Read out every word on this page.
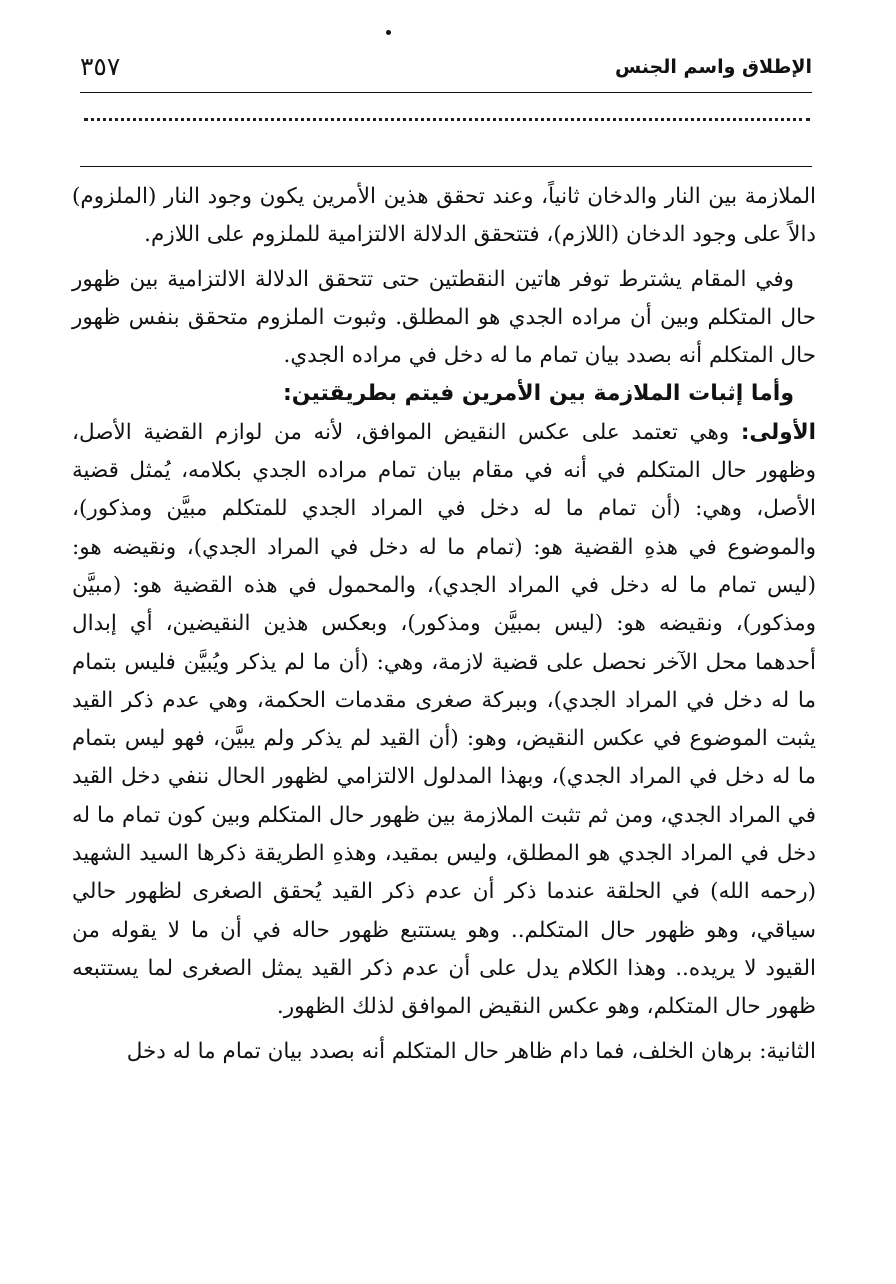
الإطلاق واسم الجنس
٣٥٧

الملازمة بين النار والدخان ثانياً، وعند تحقق هذين الأمرين يكون وجود النار (الملزوم) دالاً على وجود الدخان (اللازم)، فتتحقق الدلالة الالتزامية للملزوم على اللازم.

وفي المقام يشترط توفر هاتين النقطتين حتى تتحقق الدلالة الالتزامية بين ظهور حال المتكلم وبين أن مراده الجدي هو المطلق. وثبوت الملزوم متحقق بنفس ظهور حال المتكلم أنه بصدد بيان تمام ما له دخل في مراده الجدي.

وأما إثبات الملازمة بين الأمرين فيتم بطريقتين:

الأولى: وهي تعتمد على عكس النقيض الموافق، لأنه من لوازم القضية الأصل، وظهور حال المتكلم في أنه في مقام بيان تمام مراده الجدي بكلامه، يُمثل قضية الأصل، وهي: (أن تمام ما له دخل في المراد الجدي للمتكلم مبيَّن ومذكور)، والموضوع في هذهِ القضية هو: (تمام ما له دخل في المراد الجدي)، ونقيضه هو: (ليس تمام ما له دخل في المراد الجدي)، والمحمول في هذه القضية هو: (مبيَّن ومذكور)، ونقيضه هو: (ليس بمبيَّن ومذكور)، وبعكس هذين النقيضين، أي إبدال أحدهما محل الآخر نحصل على قضية لازمة، وهي: (أن ما لم يذكر ويُبيَّن فليس بتمام ما له دخل في المراد الجدي)، وببركة صغرى مقدمات الحكمة، وهي عدم ذكر القيد يثبت الموضوع في عكس النقيض، وهو: (أن القيد لم يذكر ولم يبيَّن، فهو ليس بتمام ما له دخل في المراد الجدي)، وبهذا المدلول الالتزامي لظهور الحال ننفي دخل القيد في المراد الجدي، ومن ثم تثبت الملازمة بين ظهور حال المتكلم وبين كون تمام ما له دخل في المراد الجدي هو المطلق، وليس بمقيد، وهذهِ الطريقة ذكرها السيد الشهيد (رحمه الله) في الحلقة عندما ذكر أن عدم ذكر القيد يُحقق الصغرى لظهور حالي سياقي، وهو ظهور حال المتكلم.. وهو يستتبع ظهور حاله في أن ما لا يقوله من القيود لا يريده.. وهذا الكلام يدل على أن عدم ذكر القيد يمثل الصغرى لما يستتبعه ظهور حال المتكلم، وهو عكس النقيض الموافق لذلك الظهور.

الثانية: برهان الخلف، فما دام ظاهر حال المتكلم أنه بصدد بيان تمام ما له دخل
